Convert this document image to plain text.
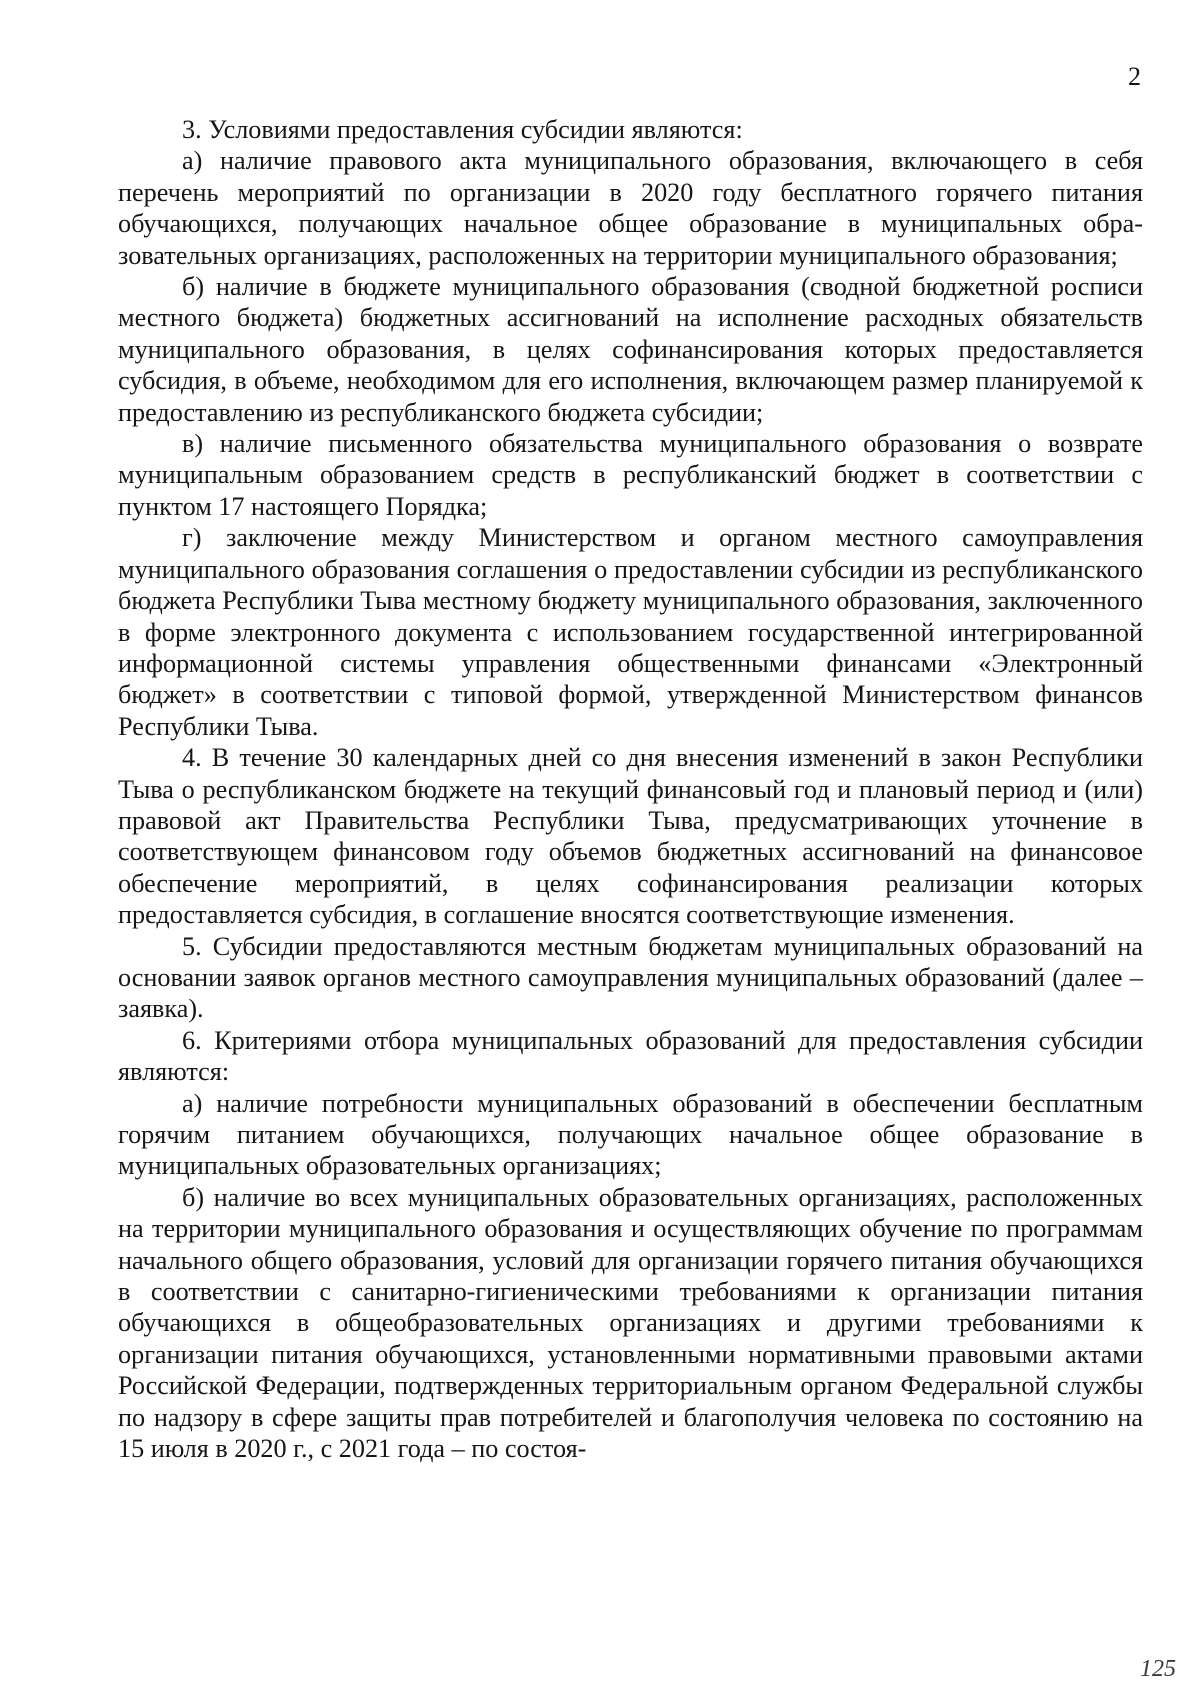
2

3. Условиями предоставления субсидии являются:

а) наличие правового акта муниципального образования, включающего в себя перечень мероприятий по организации в 2020 году бесплатного горячего питания обучающихся, получающих начальное общее образование в муниципальных образовательных организациях, расположенных на территории муниципального образования;

б) наличие в бюджете муниципального образования (сводной бюджетной росписи местного бюджета) бюджетных ассигнований на исполнение расходных обязательств муниципального образования, в целях софинансирования которых предоставляется субсидия, в объеме, необходимом для его исполнения, включающем размер планируемой к предоставлению из республиканского бюджета субсидии;

в) наличие письменного обязательства муниципального образования о возврате муниципальным образованием средств в республиканский бюджет в соответствии с пунктом 17 настоящего Порядка;

г) заключение между Министерством и органом местного самоуправления муниципального образования соглашения о предоставлении субсидии из республиканского бюджета Республики Тыва местному бюджету муниципального образования, заключенного в форме электронного документа с использованием государственной интегрированной информационной системы управления общественными финансами «Электронный бюджет» в соответствии с типовой формой, утвержденной Министерством финансов Республики Тыва.

4. В течение 30 календарных дней со дня внесения изменений в закон Республики Тыва о республиканском бюджете на текущий финансовый год и плановый период и (или) правовой акт Правительства Республики Тыва, предусматривающих уточнение в соответствующем финансовом году объемов бюджетных ассигнований на финансовое обеспечение мероприятий, в целях софинансирования реализации которых предоставляется субсидия, в соглашение вносятся соответствующие изменения.

5. Субсидии предоставляются местным бюджетам муниципальных образований на основании заявок органов местного самоуправления муниципальных образований (далее – заявка).

6. Критериями отбора муниципальных образований для предоставления субсидии являются:

а) наличие потребности муниципальных образований в обеспечении бесплатным горячим питанием обучающихся, получающих начальное общее образование в муниципальных образовательных организациях;

б) наличие во всех муниципальных образовательных организациях, расположенных на территории муниципального образования и осуществляющих обучение по программам начального общего образования, условий для организации горячего питания обучающихся в соответствии с санитарно-гигиеническими требованиями к организации питания обучающихся в общеобразовательных организациях и другими требованиями к организации питания обучающихся, установленными нормативными правовыми актами Российской Федерации, подтвержденных территориальным органом Федеральной службы по надзору в сфере защиты прав потребителей и благополучия человека по состоянию на 15 июля в 2020 г., с 2021 года – по состоя-

125
